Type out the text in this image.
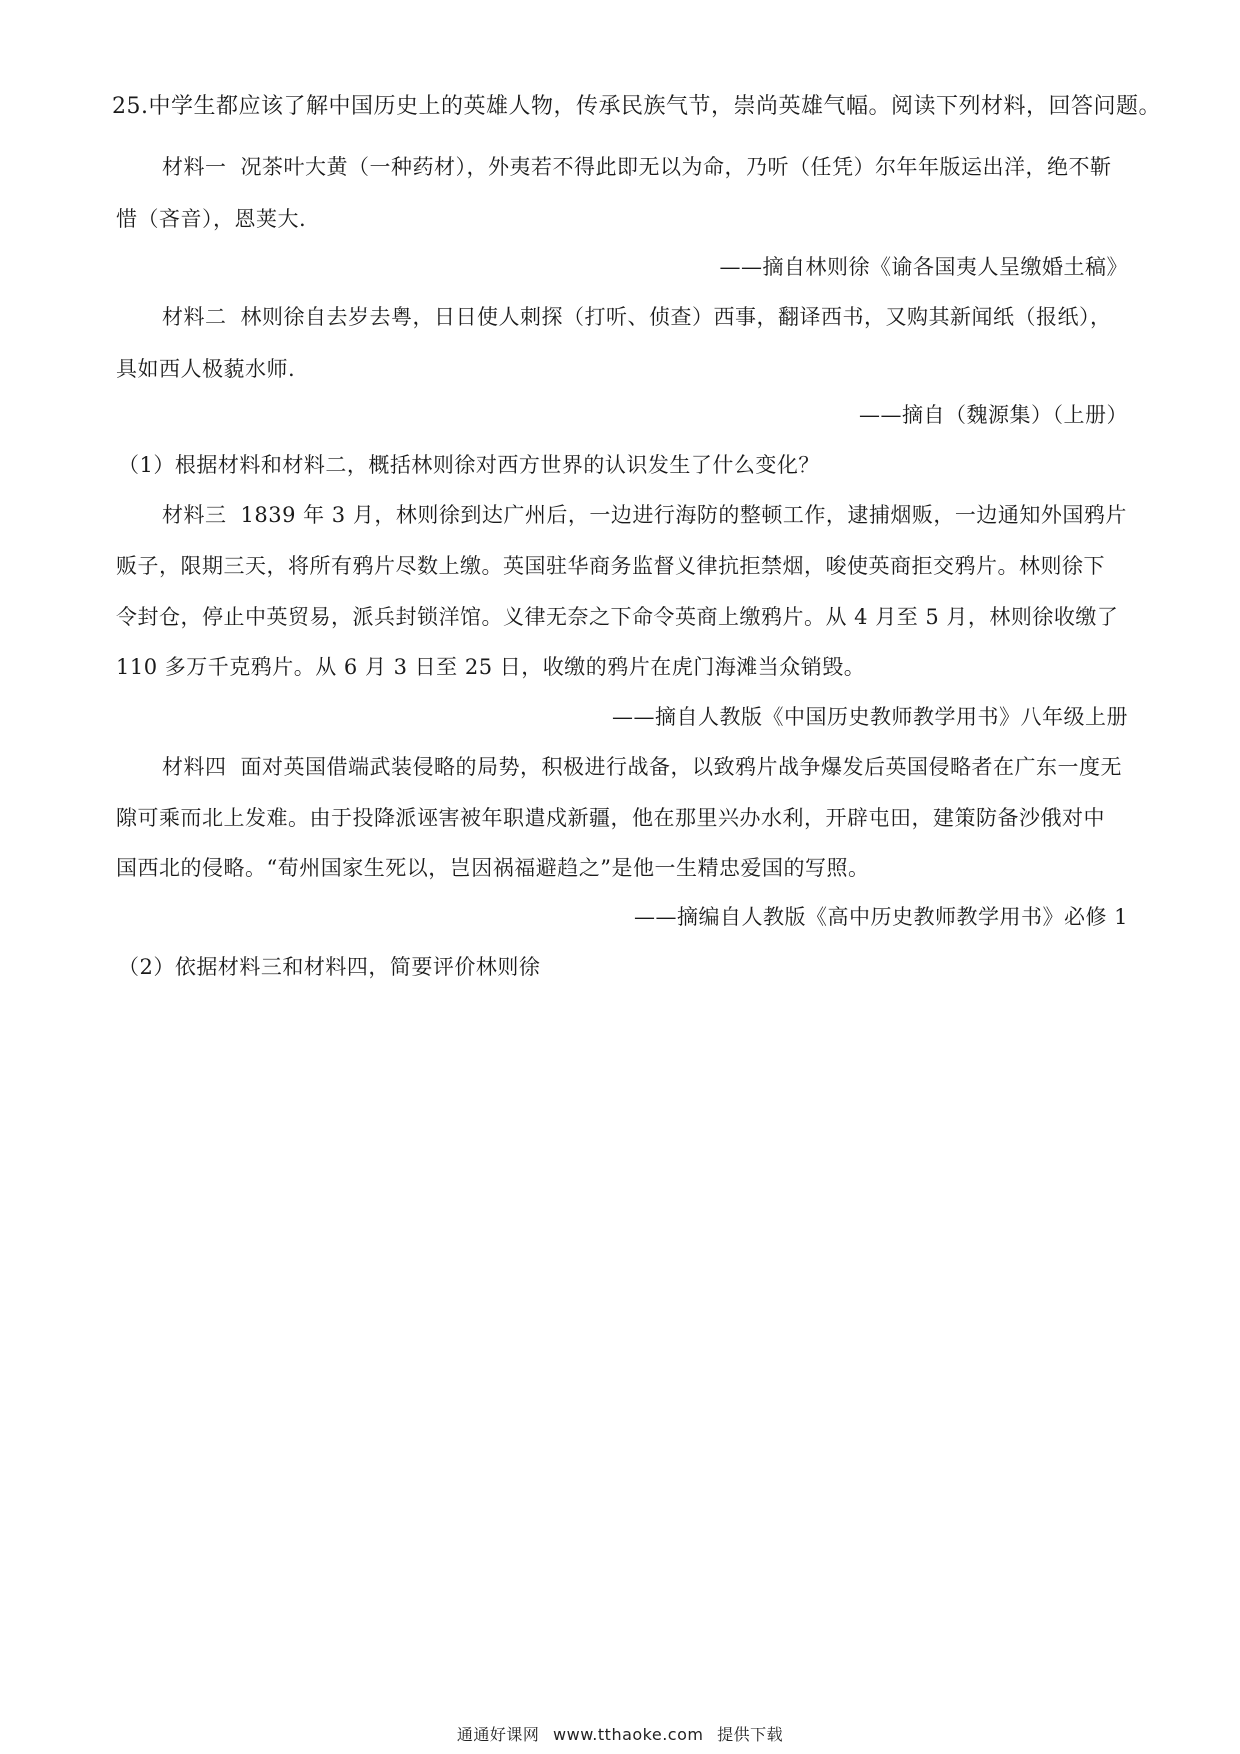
25.中学生都应该了解中国历史上的英雄人物，传承民族气节，崇尚英雄气幅。阅读下列材料，回答问题。
材料一 况茶叶大黄（一种药材），外夷若不得此即无以为命，乃听（任凭）尔年年版运出洋，绝不靳
惜（吝音），恩荚大.
——摘自林则徐《谕各国夷人呈缴婚土稿》
材料二 林则徐自去岁去粤，日日使人刺探（打听、侦查）西事，翻译西书，又购其新闻纸（报纸），
具如西人极藐水师.
——摘自（魏源集）（上册）
（1）根据材料和材料二，概括林则徐对西方世界的认识发生了什么变化？
材料三 1839 年 3 月，林则徐到达广州后，一边进行海防的整顿工作，逮捕烟贩，一边通知外国鸦片
贩子，限期三天，将所有鸦片尽数上缴。英国驻华商务监督义律抗拒禁烟，唆使英商拒交鸦片。林则徐下
令封仓，停止中英贸易，派兵封锁洋馆。义律无奈之下命令英商上缴鸦片。从 4 月至 5 月，林则徐收缴了
110 多万千克鸦片。从 6 月 3 日至 25 日，收缴的鸦片在虎门海滩当众销毁。
——摘自人教版《中国历史教师教学用书》八年级上册
材料四 面对英国借端武装侵略的局势，积极进行战备，以致鸦片战争爆发后英国侵略者在广东一度无
隙可乘而北上发难。由于投降派诬害被年职遣戍新疆，他在那里兴办水利，开辟屯田，建策防备沙俄对中
国西北的侵略。“荀州国家生死以，岂因祸福避趋之”是他一生精忠爱国的写照。
——摘编自人教版《高中历史教师教学用书》必修 1
（2）依据材料三和材料四，简要评价林则徐
通通好课网 www.tthaoke.com 提供下载
